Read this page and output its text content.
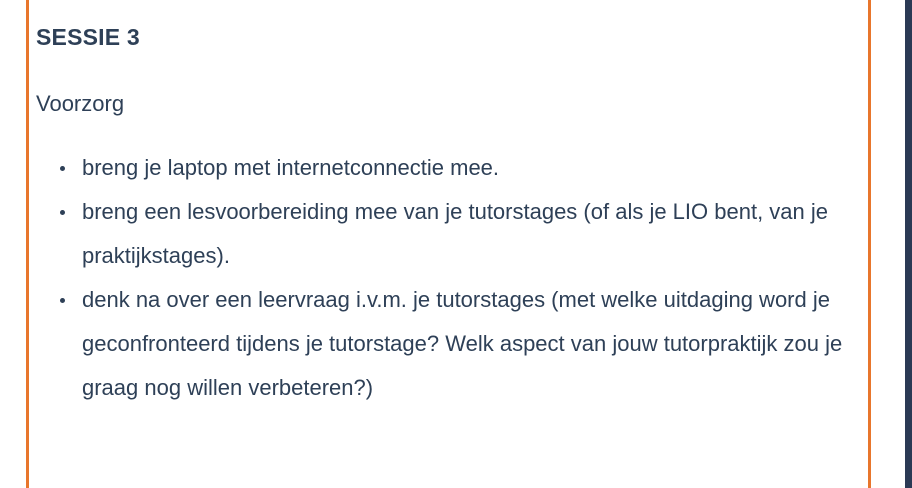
SESSIE 3

Voorzorg

breng je laptop met internetconnectie mee.
breng een lesvoorbereiding mee van je tutorstages (of als je LIO bent, van je praktijkstages).
denk na over een leervraag i.v.m. je tutorstages (met welke uitdaging word je geconfronteerd tijdens je tutorstage? Welk aspect van jouw tutorpraktijk zou je graag nog willen verbeteren?)
